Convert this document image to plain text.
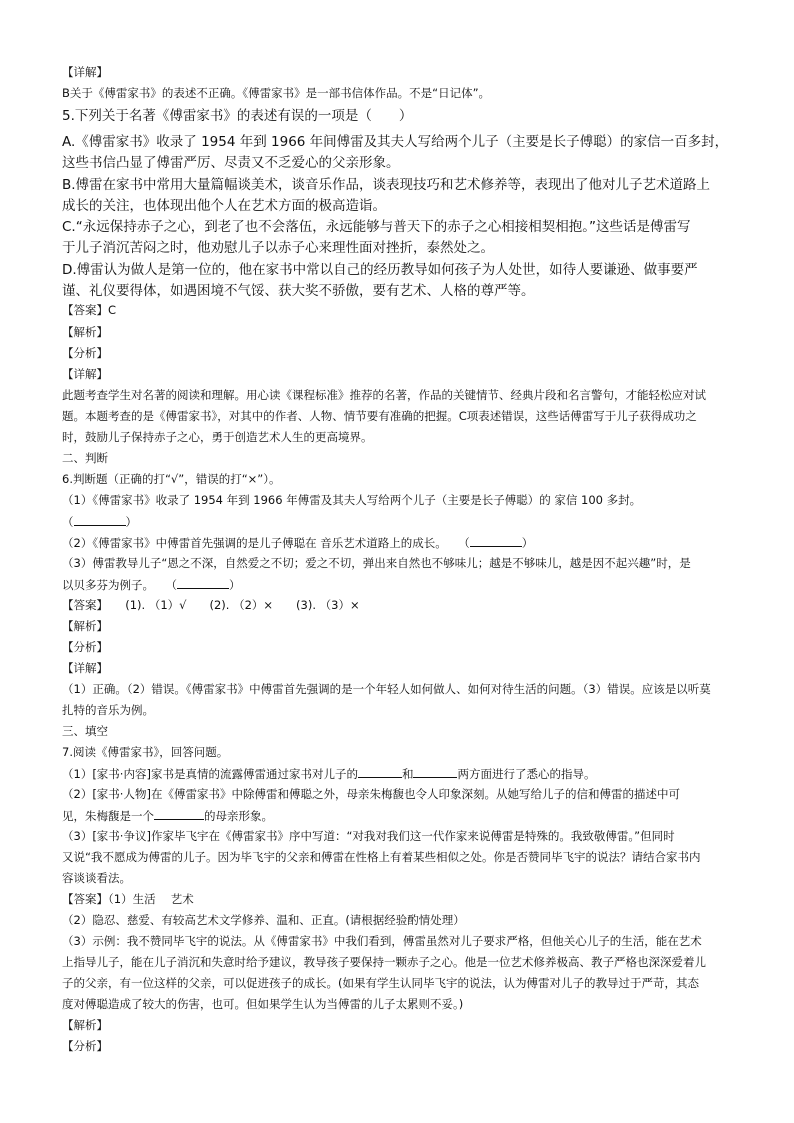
【详解】
B关于《傅雷家书》的表述不正确。《傅雷家书》是一部书信体作品。不是“日记体”。
5.下列关于名著《傅雷家书》的表述有误的一项是（　　）
A.《傅雷家书》收录了 1954 年到 1966 年间傅雷及其夫人写给两个儿子（主要是长子傅聪）的家信一百多封，
这些书信凸显了傅雷严厉、尽责又不乏爱心的父亲形象。
B.傅雷在家书中常用大量篇幅谈美术，谈音乐作品，谈表现技巧和艺术修养等，表现出了他对儿子艺术道路上
成长的关注，也体现出他个人在艺术方面的极高造诣。
C.“永远保持赤子之心，到老了也不会落伍，永远能够与普天下的赤子之心相接相契相抱。”这些话是傅雷写
于儿子消沉苦闷之时，他劝慰儿子以赤子心来理性面对挫折，泰然处之。
D.傅雷认为做人是第一位的，他在家书中常以自己的经历教导如何孩子为人处世，如待人要谦逊、做事要严
谨、礼仪要得体，如遇困境不气馁、获大奖不骄傲，要有艺术、人格的尊严等。
【答案】C
【解析】
【分析】
【详解】
此题考查学生对名著的阅读和理解。用心读《课程标准》推荐的名著，作品的关键情节、经典片段和名言警句，才能轻松应对试
题。本题考查的是《傅雷家书》，对其中的作者、人物、情节要有准确的把握。C项表述错误，这些话傅雷写于儿子获得成功之
时，鼓励儿子保持赤子之心，勇于创造艺术人生的更高境界。
二、判断
6.判断题（正确的打“√”，错误的打“×”）。
（1）《傅雷家书》收录了 1954 年到 1966 年傅雷及其夫人写给两个儿子（主要是长子傅聪）的 家信 100 多封。
（	）
（2）《傅雷家书》中傅雷首先强调的是儿子傅聪在 音乐艺术道路上的成长。　　（	）
（3）傅雷教导儿子“恩之不深，自然爱之不切；爱之不切，弹出来自然也不够味儿；越是不够味儿，越是因不起兴趣”时，是
以贝多芬为例子。　　（	）
【答案】　　(1). （1）√　　(2). （2）×　　(3). （3）×
【解析】
【分析】
【详解】
（1）正确。（2）错误。《傅雷家书》中傅雷首先强调的是一个年轻人如何做人、如何对待生活的问题。（3）错误。应该是以听莫
扎特的音乐为例。
三、填空
7.阅读《傅雷家书》，回答问题。
（1）[家书·内容]家书是真情的流露傅雷通过家书对儿子的	和	两方面进行了悉心的指导。
（2）[家书·人物]在《傅雷家书》中除傅雷和傅聪之外，母亲朱梅馥也令人印象深刻。从她写给儿子的信和傅雷的描述中可
见，朱梅馥是一个	的母亲形象。
（3）[家书·争议]作家毕飞宇在《傅雷家书》序中写道：“对我对我们这一代作家来说傅雷是特殊的。我致敬傅雷。”但同时
又说“我不愿成为傅雷的儿子。因为毕飞宇的父亲和傅雷在性格上有着某些相似之处。你是否赞同毕飞宇的说法？请结合家书内
容谈谈看法。
【答案】（1）生活　 艺术
（2）隐忍、慈爱、有较高艺术文学修养、温和、正直。(请根据经验酌情处理）
（3）示例：我不赞同毕飞宇的说法。从《傅雷家书》中我们看到，傅雷虽然对儿子要求严格，但他关心儿子的生活，能在艺术
上指导儿子，能在儿子消沉和失意时给予建议，教导孩子要保持一颗赤子之心。他是一位艺术修养极高、教子严格也深深爱着儿
子的父亲，有一位这样的父亲，可以促进孩子的成长。(如果有学生认同毕飞宇的说法，认为傅雷对儿子的教导过于严苛，其态
度对傅聪造成了较大的伤害，也可。但如果学生认为当傅雷的儿子太累则不妥。)
【解析】
【分析】
